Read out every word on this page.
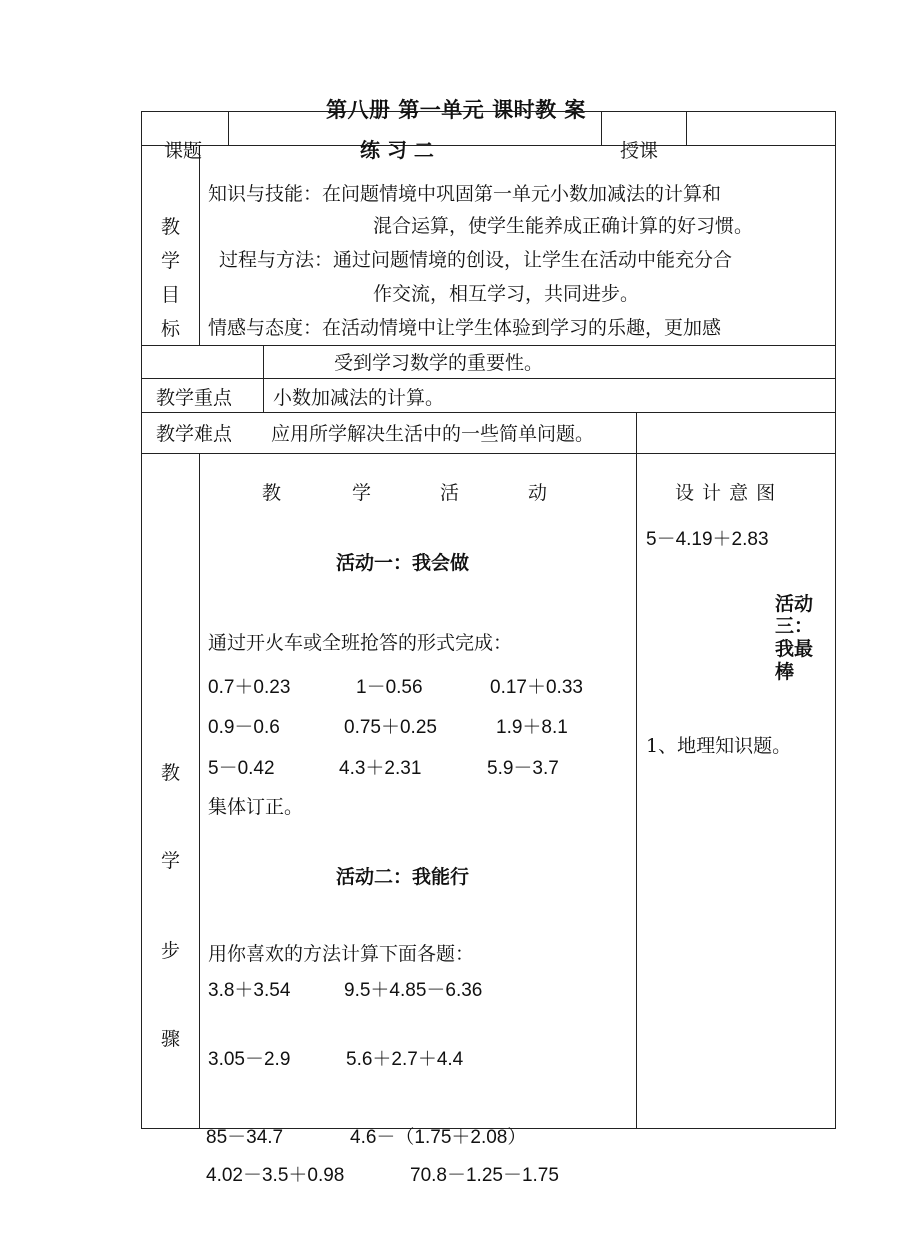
第八册 第一单元 课时教 案
课题	练 习 二	授课
教
学
目
标
知识与技能：在问题情境中巩固第一单元小数加减法的计算和
混合运算，使学生能养成正确计算的好习惯。
过程与方法：通过问题情境的创设，让学生在活动中能充分合
作交流，相互学习，共同进步。
情感与态度：在活动情境中让学生体验到学习的乐趣，更加感
受到学习数学的重要性。
教学重点 小数加减法的计算。
教学难点 应用所学解决生活中的一些简单问题。
教
学
步
骤
教	学	活	动
活动一：我会做
通过开火车或全班抢答的形式完成：
0.7＋0.23	1－0.56	0.17＋0.33
0.9－0.6	0.75＋0.25	1.9＋8.1
5－0.42	4.3＋2.31	5.9－3.7
集体订正。
活动二：我能行
用你喜欢的方法计算下面各题：
3.8＋3.54	9.5＋4.85－6.36
3.05－2.9	5.6＋2.7＋4.4
85－34.7	4.6－（1.75＋2.08）
4.02－3.5＋0.98	70.8－1.25－1.75
设 计 意 图
5－4.19＋2.83
活动
三：
我最
棒
1、地理知识题。
